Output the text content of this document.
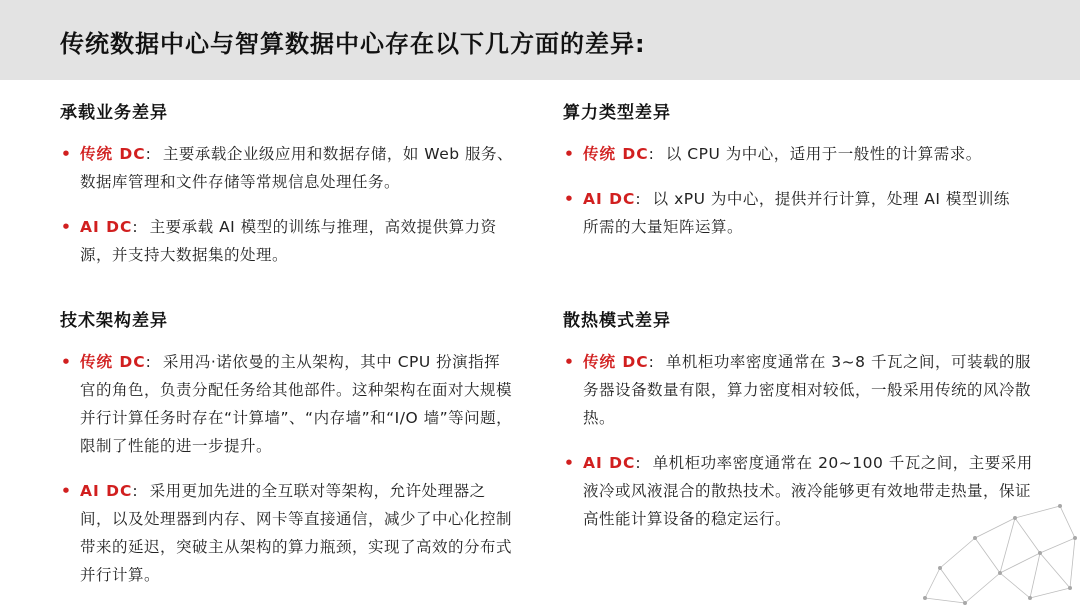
传统数据中心与智算数据中心存在以下几方面的差异:
承载业务差异
• 传统 DC: 主要承载企业级应用和数据存储，如 Web 服务、数据库管理和文件存储等常规信息处理任务。
• AI DC: 主要承载 AI 模型的训练与推理，高效提供算力资源，并支持大数据集的处理。
算力类型差异
• 传统 DC: 以 CPU 为中心，适用于一般性的计算需求。
• AI DC: 以 xPU 为中心，提供并行计算，处理 AI 模型训练所需的大量矩阵运算。
技术架构差异
• 传统 DC: 采用冯·诺依曼的主从架构，其中 CPU 扮演指挥官的角色，负责分配任务给其他部件。这种架构在面对大规模并行计算任务时存在“计算墙”、“内存墙”和“I/O 墙”等问题，限制了性能的进一步提升。
• AI DC: 采用更加先进的全互联对等架构，允许处理器之间，以及处理器到内存、网卡等直接通信，减少了中心化控制带来的延迟，突破主从架构的算力瓶颈，实现了高效的分布式并行计算。
散热模式差异
• 传统 DC: 单机柜功率密度通常在 3~8 千瓦之间，可装载的服务器设备数量有限，算力密度相对较低，一般采用传统的风冷散热。
• AI DC: 单机柜功率密度通常在 20~100 千瓦之间，主要采用液冷或风液混合的散热技术。液冷能够更有效地带走热量，保证高性能计算设备的稳定运行。
